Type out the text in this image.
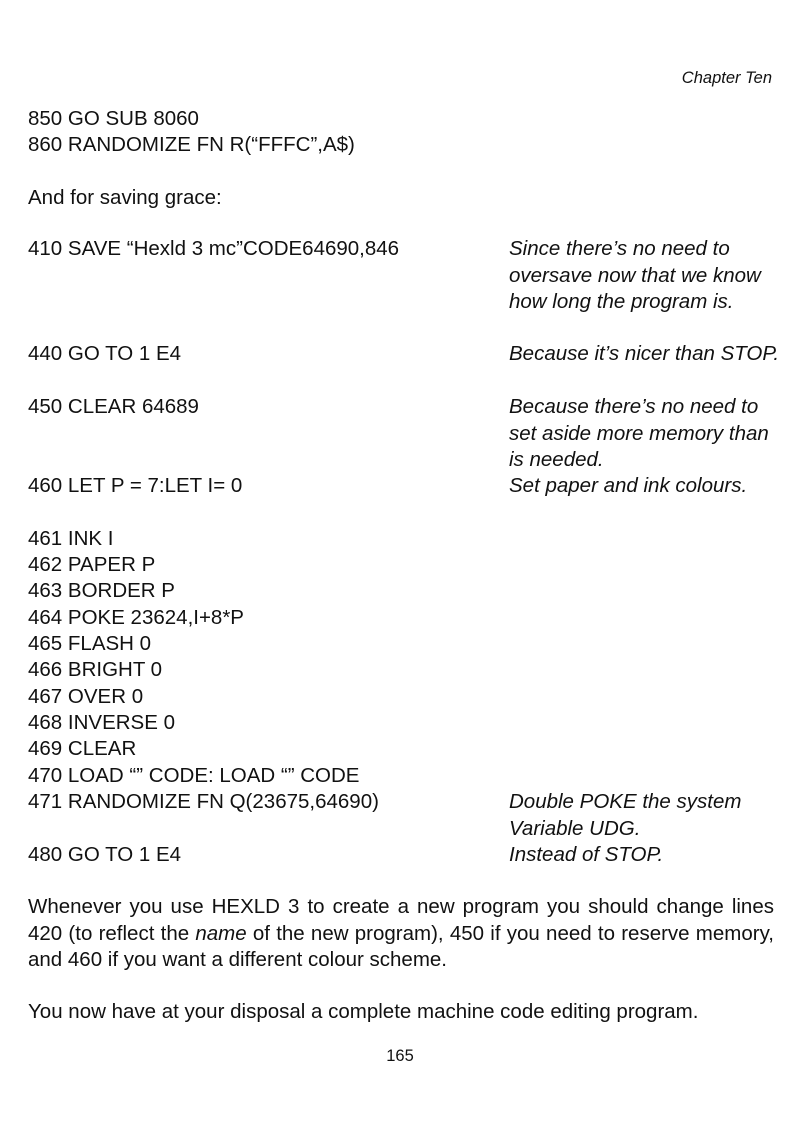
Chapter Ten
850 GO SUB 8060
860 RANDOMIZE FN R(“FFFC”,A$)
And for saving grace:
410 SAVE “Hexld 3 mc”CODE64690,846
440 GO TO 1 E4
450 CLEAR 64689
460 LET P = 7:LET I= 0
461 INK I
462 PAPER P
463 BORDER P
464 POKE 23624,I+8*P
465 FLASH 0
466 BRIGHT 0
467 OVER 0
468 INVERSE 0
469 CLEAR
470 LOAD “” CODE: LOAD “” CODE
471 RANDOMIZE FN Q(23675,64690)
480 GO TO 1 E4
Since there’s no need to oversave now that we know how long the program is.
Because it’s nicer than STOP.
Because there’s no need to set aside more memory than is needed.
Set paper and ink colours.
Double POKE the system Variable UDG.
Instead of STOP.
Whenever you use HEXLD 3 to create a new program you should change lines 420 (to reflect the name of the new program), 450 if you need to reserve memory, and 460 if you want a different colour scheme.
You now have at your disposal a complete machine code editing program.
165
